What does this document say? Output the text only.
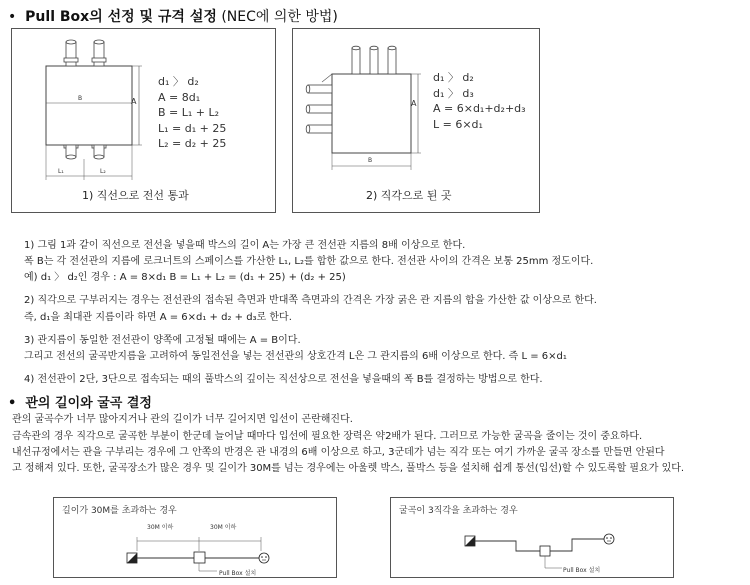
• Pull Box의 선정 및 규격 설정 (NEC에 의한 방법)
B	A
L₁	L₂
d₁ 〉 d₂
A = 8d₁
B = L₁ + L₂
L₁ = d₁ + 25
L₂ = d₂ + 25
1) 직선으로 전선 통과
A
B
d₁ 〉 d₂
d₁ 〉 d₃
A = 6×d₁+d₂+d₃
L = 6×d₁
2) 직각으로 된 곳
1) 그림 1과 같이 직선으로 전선을 넣을때 박스의 길이 A는 가장 큰 전선관 지름의 8배 이상으로 한다.
폭 B는 각 전선관의 지름에 로크너트의 스페이스를 가산한 L₁, L₂를 합한 값으로 한다. 전선관 사이의 간격은 보통 25mm 정도이다.
예) d₁ 〉 d₂인 경우 : A = 8×d₁ B = L₁ + L₂ = (d₁ + 25) + (d₂ + 25)
2) 직각으로 구부러지는 경우는 전선관의 접속된 측면과 반대쪽 측면과의 간격은 가장 굵은 관 지름의 합을 가산한 값 이상으로 한다.
즉, d₁을 최대관 지름이라 하면 A = 6×d₁ + d₂ + d₃로 한다.
3) 관지름이 동일한 전선관이 양쪽에 고정될 때에는 A = B이다.
그리고 전선의 굴곡반지름을 고려하여 동일전선을 넣는 전선관의 상호간격 L은 그 관지름의 6배 이상으로 한다. 즉 L = 6×d₁
4) 전선관이 2단, 3단으로 접속되는 때의 풀박스의 깊이는 직선상으로 전선을 넣을때의 폭 B를 결정하는 방법으로 한다.
• 관의 길이와 굴곡 결정
관의 굴곡수가 너무 많아지거나 관의 길이가 너무 길어지면 입선이 곤란해진다.
금속관의 경우 직각으로 굴곡한 부분이 한군데 늘어날 때마다 입선에 필요한 장력은 약2배가 된다. 그러므로 가능한 굴곡을 줄이는 것이 중요하다.
내선규정에서는 관을 구부리는 경우에 그 안쪽의 반경은 관 내경의 6배 이상으로 하고, 3군데가 넘는 직각 또는 여기 가까운 굴곡 장소를 만들면 안된다
고 정해져 있다. 또한, 굴곡장소가 많은 경우 및 길이가 30M를 넘는 경우에는 아울렛 박스, 풀박스 등을 설치해 쉽게 통선(입선)할 수 있도록할 필요가 있다.
길이가 30M를 초과하는 경우
30M 이하	30M 이하
Pull Box 설치
굴곡이 3직각을 초과하는 경우
Pull Box 설치
